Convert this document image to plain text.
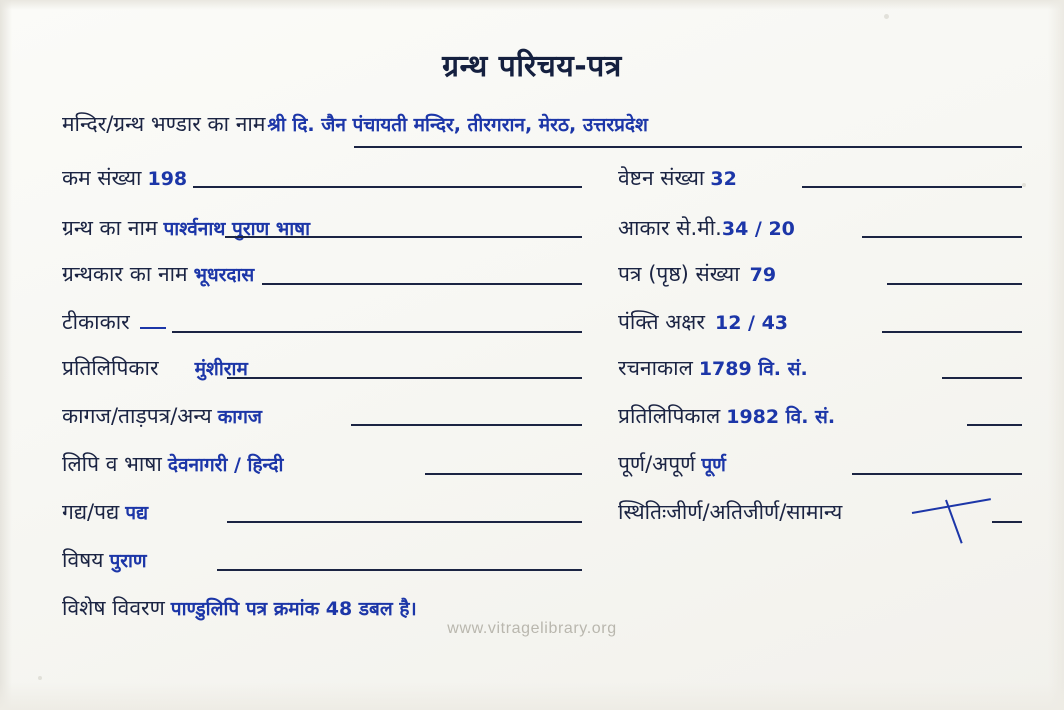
ग्रन्थ परिचय-पत्र
मन्दिर/ग्रन्थ भण्डार का नाम श्री दि. जैन पंचायती मन्दिर, तीरगरान, मेरठ, उत्तरप्रदेश
कम संख्या 198
ग्रन्थ का नाम पार्श्वनाथ पुराण भाषा
ग्रन्थकार का नाम भूधरदास
टीकाकार
प्रतिलिपिकार मुंशीराम
कागज/ताड़पत्र/अन्य कागज
लिपि व भाषा देवनागरी / हिन्दी
गद्य/पद्य पद्य
विषय पुराण
वेष्टन संख्या 32
आकार से.मी. 34 / 20
पत्र (पृष्ठ) संख्या 79
पंक्ति अक्षर 12 / 43
रचनाकाल 1789 वि. सं.
प्रतिलिपिकाल 1982 वि. सं.
पूर्ण/अपूर्ण पूर्ण
स्थितिःजीर्ण/अतिजीर्ण/सामान्य
विशेष विवरण पाण्डुलिपि पत्र क्रमांक 48 डबल है।
www.vitragelibrary.org
